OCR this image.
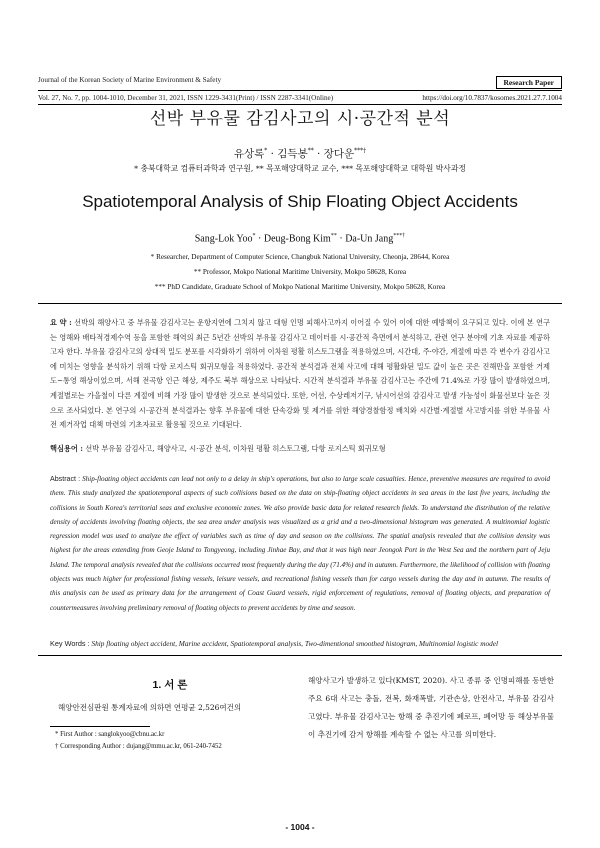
Journal of the Korean Society of Marine Environment & Safety
Vol. 27, No. 7, pp. 1004-1010, December 31, 2021, ISSN 1229-3431(Print) / ISSN 2287-3341(Online)
Research Paper
https://doi.org/10.7837/kosomes.2021.27.7.1004
선박 부유물 감김사고의 시·공간적 분석
유상록* · 김득봉** · 장다운***†
* 충북대학교 컴퓨터과학과 연구원, ** 목포해양대학교 교수, *** 목포해양대학교 대학원 박사과정
Spatiotemporal Analysis of Ship Floating Object Accidents
Sang-Lok Yoo* · Deug-Bong Kim** · Da-Un Jang***†
* Researcher, Department of Computer Science, Changbuk National University, Cheonja, 28644, Korea
** Professor, Mokpo National Maritime University, Mokpo 58628, Korea
*** PhD Candidate, Graduate School of Mokpo National Maritime University, Mokpo 58628, Korea
요 약 : 선박의 해양사고 중 부유물 감김사고는 운항지연에 그치지 않고 대형 인명 피해사고까지 이어질 수 있어 이에 대한 예방책이 요구되고 있다. 이에 본 연구는 영해와 배타적경제수역 등을 포함한 해역의 최근 5년간 선박의 부유물 감김사고 데이터를 시·공간적 측면에서 분석하고, 관련 연구 분야에 기초 자료를 제공하고자 한다. 부유물 감김사고의 상대적 밀도 분포를 시각화하기 위하여 이차원 평활 히스토그램을 적용하였으며, 시간대, 주·야간, 계절에 따른 각 변수가 감김사고에 미치는 영향을 분석하기 위해 다항 로지스틱 회귀모형을 적용하였다. 공간적 분석결과 전체 사고에 대해 평활화된 밀도 값이 높은 곳은 진해만을 포함한 거제도~통영 해상이었으며, 서해 전곡항 인근 해상, 제주도 북부 해상으로 나타났다. 시간적 분석결과 부유물 감김사고는 주간에 71.4%로 가장 많이 발생하였으며, 계절별로는 가을철이 다른 계절에 비해 가장 많이 발생한 것으로 분석되었다. 또한, 어선, 수상레저기구, 낚시어선의 감김사고 발생 가능성이 화물선보다 높은 것으로 조사되었다. 본 연구의 시·공간적 분석결과는 향후 부유물에 대한 단속강화 및 제거를 위한 해양경찰함정 배치와 시간별·계절별 사고방지를 위한 부유물 사전 제거작업 대책 마련의 기초자료로 활용될 것으로 기대된다.
핵심용어 : 선박 부유물 감김사고, 해양사고, 시·공간 분석, 이차원 평활 히스토그램, 다항 로지스틱 회귀모형
Abstract : Ship-floating object accidents can lead not only to a delay in ship's operations, but also to large scale casualties. Hence, preventive measures are required to avoid them. This study analyzed the spatiotemporal aspects of such collisions based on the data on ship-floating object accidents in sea areas in the last five years, including the collisions in South Korea's territorial seas and exclusive economic zones. We also provide basic data for related research fields. To understand the distribution of the relative density of accidents involving floating objects, the sea area under analysis was visualized as a grid and a two-dimensional histogram was generated. A multinomial logistic regression model was used to analyze the effect of variables such as time of day and season on the collisions. The spatial analysis revealed that the collision density was highest for the areas extending from Geoje Island to Tongyeong, including Jinhae Bay, and that it was high near Jeongok Port in the West Sea and the northern part of Jeju Island. The temporal analysis revealed that the collisions occurred most frequently during the day (71.4%) and in autumn. Furthermore, the likelihood of collision with floating objects was much higher for professional fishing vessels, leisure vessels, and recreational fishing vessels than for cargo vessels during the day and in autumn. The results of this analysis can be used as primary data for the arrangement of Coast Guard vessels, rigid enforcement of regulations, removal of floating objects, and preparation of countermeasures involving preliminary removal of floating objects to prevent accidents by time and season.
Key Words : Ship floating object accident, Marine accident, Spatiotemporal analysis, Two-dimentional smoothed histogram, Multinomial logistic model
1. 서 론
해양안전심판원 통계자료에 의하면 연평균 2,526여건의
해양사고가 발생하고 있다(KMST, 2020). 사고 종류 중 인명피해를 동반한 주요 6대 사고는 충돌, 전복, 화재폭발, 기관손상, 안전사고, 부유물 감김사고였다. 부유물 감김사고는 항해 중 추진기에 폐로프, 폐어망 등 해상부유물이 추진기에 감겨 항해를 계속할 수 없는 사고를 의미한다.
* First Author : sanglokyoo@cbnu.ac.kr
† Corresponding Author : dujang@mmu.ac.kr, 061-240-7452
- 1004 -
